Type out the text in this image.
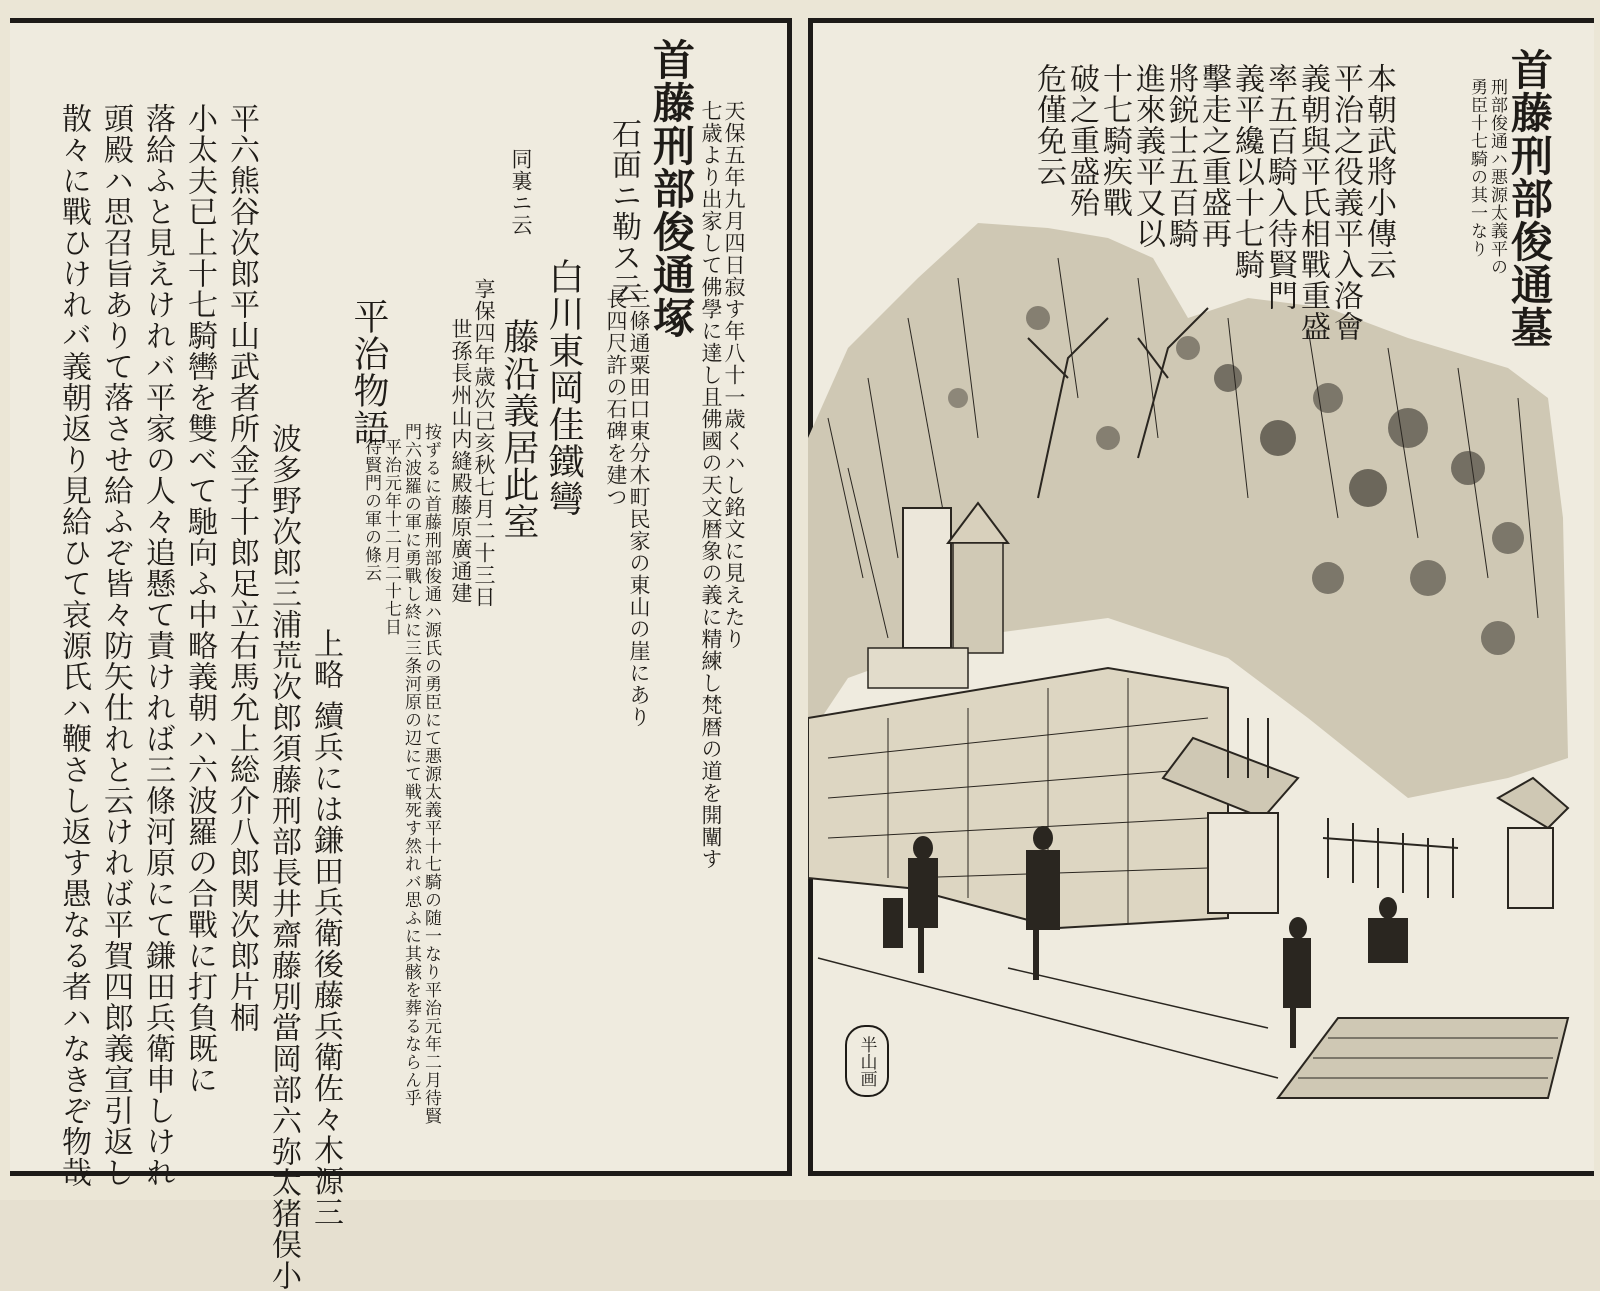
首藤刑部俊通塚 七歳より出家して佛學に達し且佛國の天文暦象の義に精練し梵暦の道を開闡す 天保五年九月四日寂す年八十一歳くハし銘文に見えたり
三條通粟田口東分木町民家の東山の崖にあり
長四尺許の石碑を建つ
石面ニ勒ス云
白川東岡佳鐵彎
藤沿義居此室
同裏ニ云
享保四年歳次己亥秋七月二十三日
世孫長州山内縫殿藤原廣通建
按ずるに首藤刑部俊通ハ源氏の勇臣にて悪源太義平十七騎の随一なり平治元年二月待賢
門六波羅の軍に勇戰し終に三条河原の辺にて戦死す然れバ思ふに其骸を葬るならん乎
平治物語
平治元年十二月二十七日
待賢門の軍の條云
上略 續兵には鎌田兵衛後藤兵衛佐々木源三
波多野次郎三浦荒次郎須藤刑部長井齋藤別當岡部六弥太猪俣小
平六熊谷次郎平山武者所金子十郎足立右馬允上総介八郎関次郎片桐
小太夫已上十七騎轡を雙べて馳向ふ中略義朝ハ六波羅の合戰に打負既に
落給ふと見えけれバ平家の人々追懸て責ければ三條河原にて鎌田兵衛申しけれ
頭殿ハ思召旨ありて落させ給ふぞ皆々防矢仕れと云ければ平賀四郎義宣引返し
散々に戰ひけれバ義朝返り見給ひて哀源氏ハ鞭さし返す愚なる者ハなきぞ物哉	首藤刑部俊通墓
刑部俊通ハ悪源太義平の
勇臣十七騎の其一なり
本朝武將小傳云
平治之役義平入洛會
義朝與平氏相戰重盛
率五百騎入待賢門
義平纔以十七騎
擊走之重盛再
將鋭士五百騎
進來義平又以
十七騎疾戰
破之重盛殆
危僅免云
半山画
